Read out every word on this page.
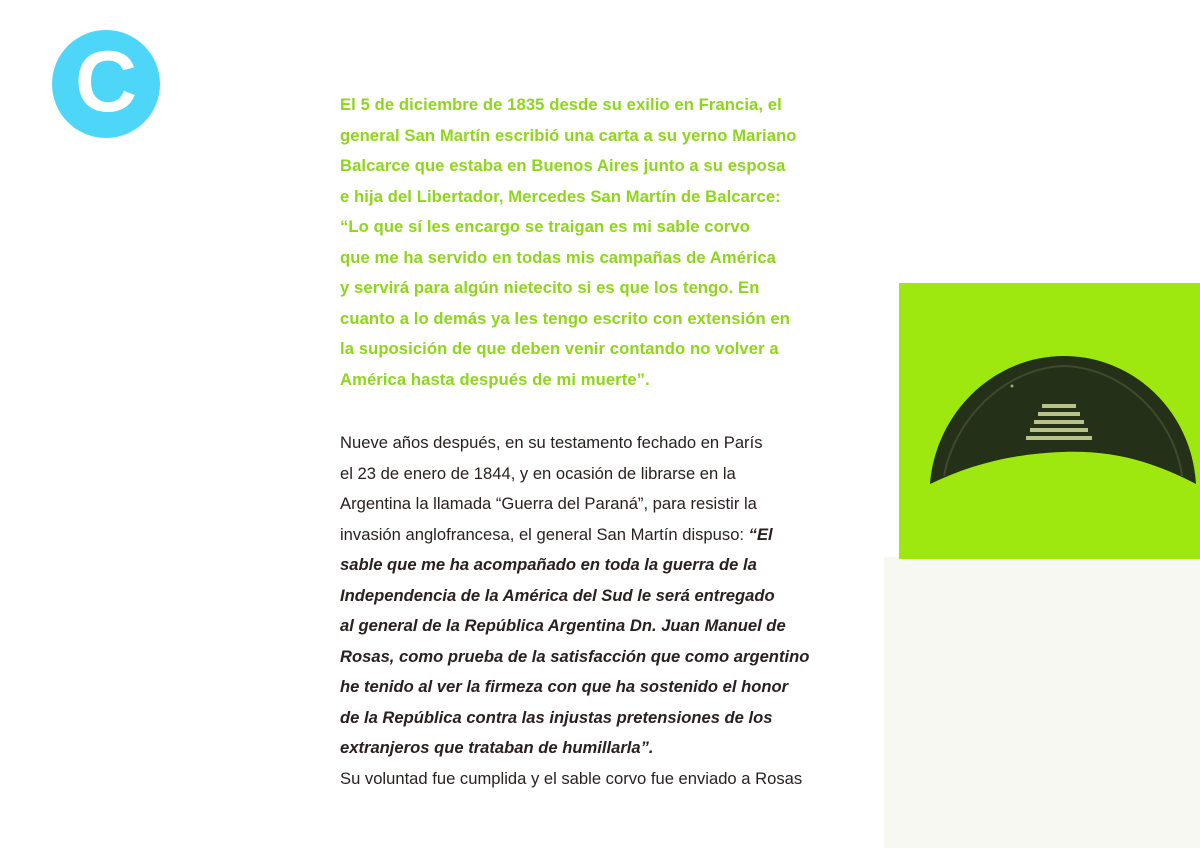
C	El 5 de diciembre de 1835 desde su exilio en Francia, el
general San Martín escribió una carta a su yerno Mariano
Balcarce que estaba en Buenos Aires junto a su esposa
e hija del Libertador, Mercedes San Martín de Balcarce:
“Lo que sí les encargo se traigan es mi sable corvo
que me ha servido en todas mis campañas de América
y servirá para algún nietecito si es que los tengo. En
cuanto a lo demás ya les tengo escrito con extensión en
la suposición de que deben venir contando no volver a
América hasta después de mi muerte”.
Nueve años después, en su testamento fechado en París
el 23 de enero de 1844, y en ocasión de librarse en la
Argentina la llamada “Guerra del Paraná”, para resistir la
invasión anglofrancesa, el general San Martín dispuso: “El
sable que me ha acompañado en toda la guerra de la
Independencia de la América del Sud le será entregado
al general de la República Argentina Dn. Juan Manuel de
Rosas, como prueba de la satisfacción que como argentino
he tenido al ver la firmeza con que ha sostenido el honor
de la República contra las injustas pretensiones de los
extranjeros que trataban de humillarla”.
Su voluntad fue cumplida y el sable corvo fue enviado a Rosas
